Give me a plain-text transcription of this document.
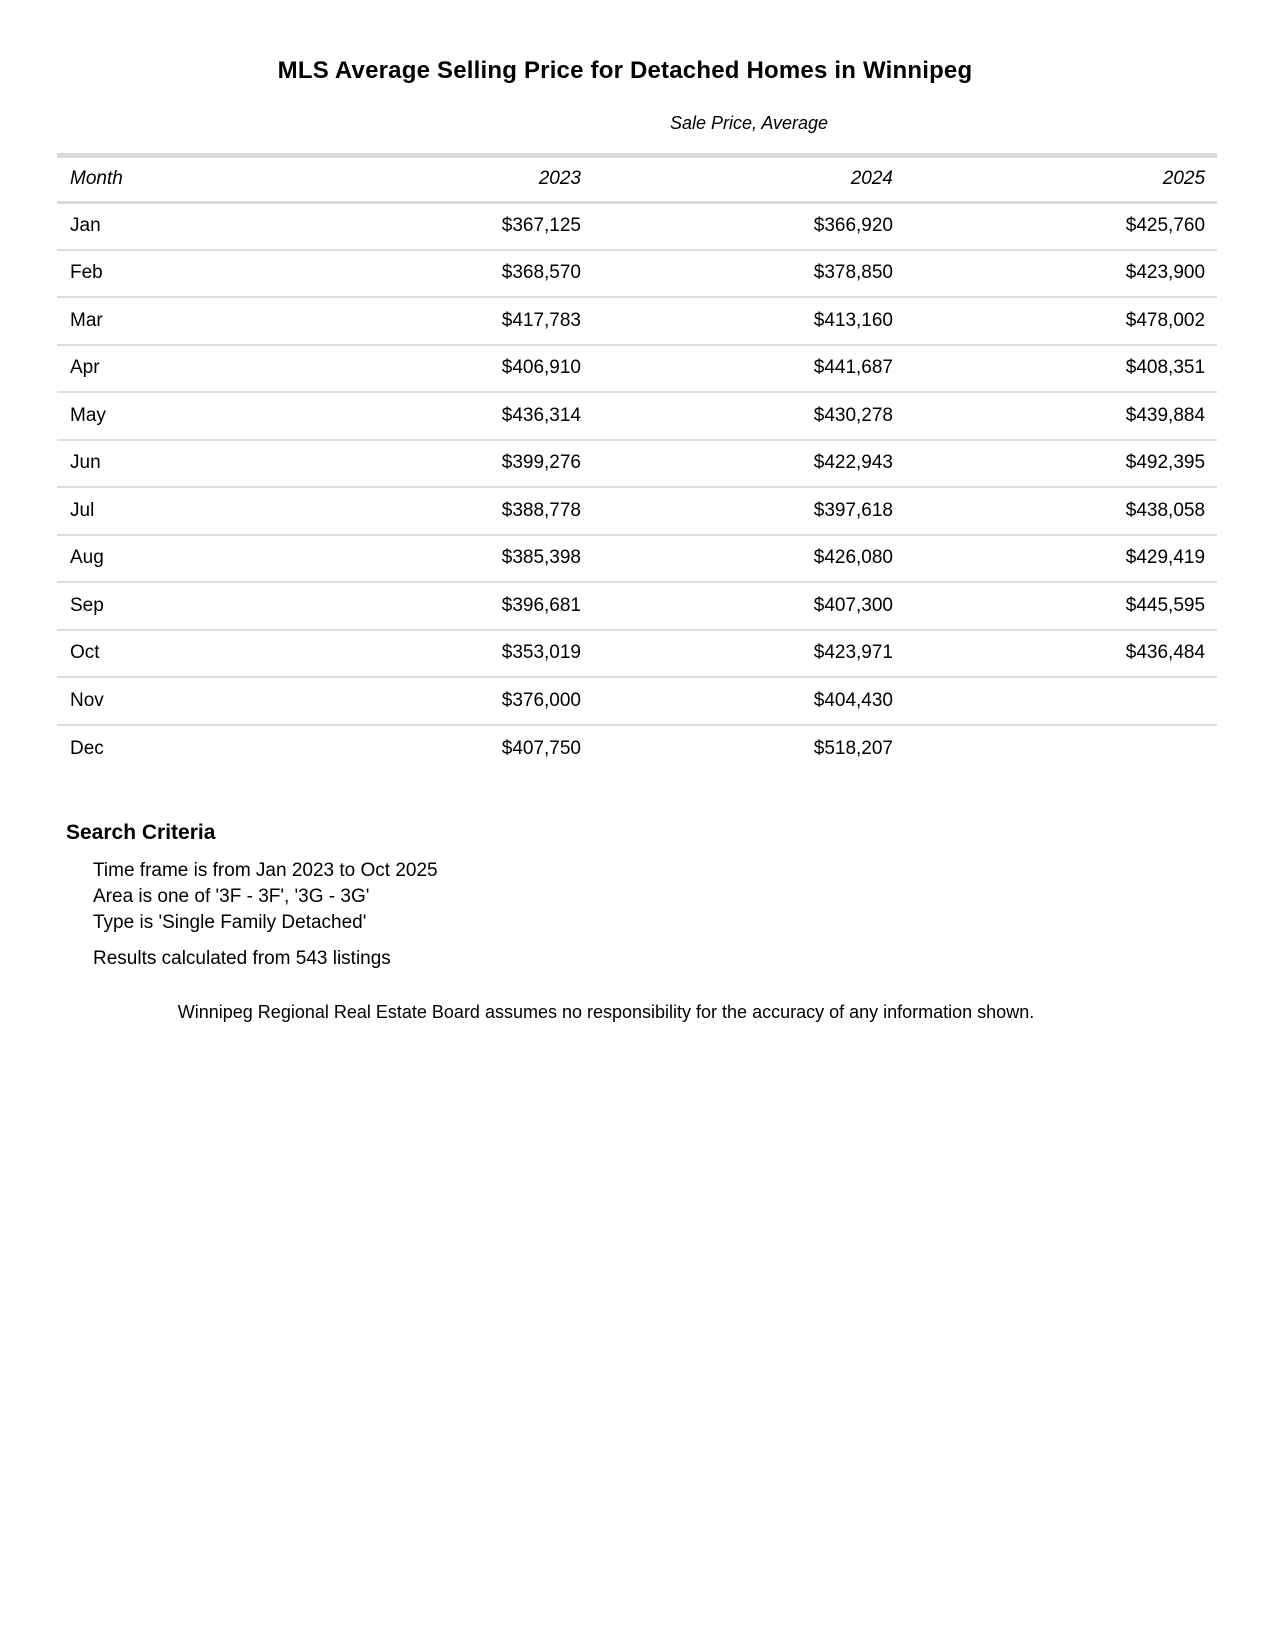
MLS Average Selling Price for Detached Homes in Winnipeg
	Sale Price, Average		
Month	2023	2024	2025
Jan	$367,125	$366,920	$425,760
Feb	$368,570	$378,850	$423,900
Mar	$417,783	$413,160	$478,002
Apr	$406,910	$441,687	$408,351
May	$436,314	$430,278	$439,884
Jun	$399,276	$422,943	$492,395
Jul	$388,778	$397,618	$438,058
Aug	$385,398	$426,080	$429,419
Sep	$396,681	$407,300	$445,595
Oct	$353,019	$423,971	$436,484
Nov	$376,000	$404,430	
Dec	$407,750	$518,207	
Search Criteria

Time frame is from Jan 2023 to Oct 2025

Area is one of '3F - 3F', '3G - 3G'

Type is 'Single Family Detached'

Results calculated from 543 listings

Winnipeg Regional Real Estate Board assumes no responsibility for the accuracy of any information shown.
